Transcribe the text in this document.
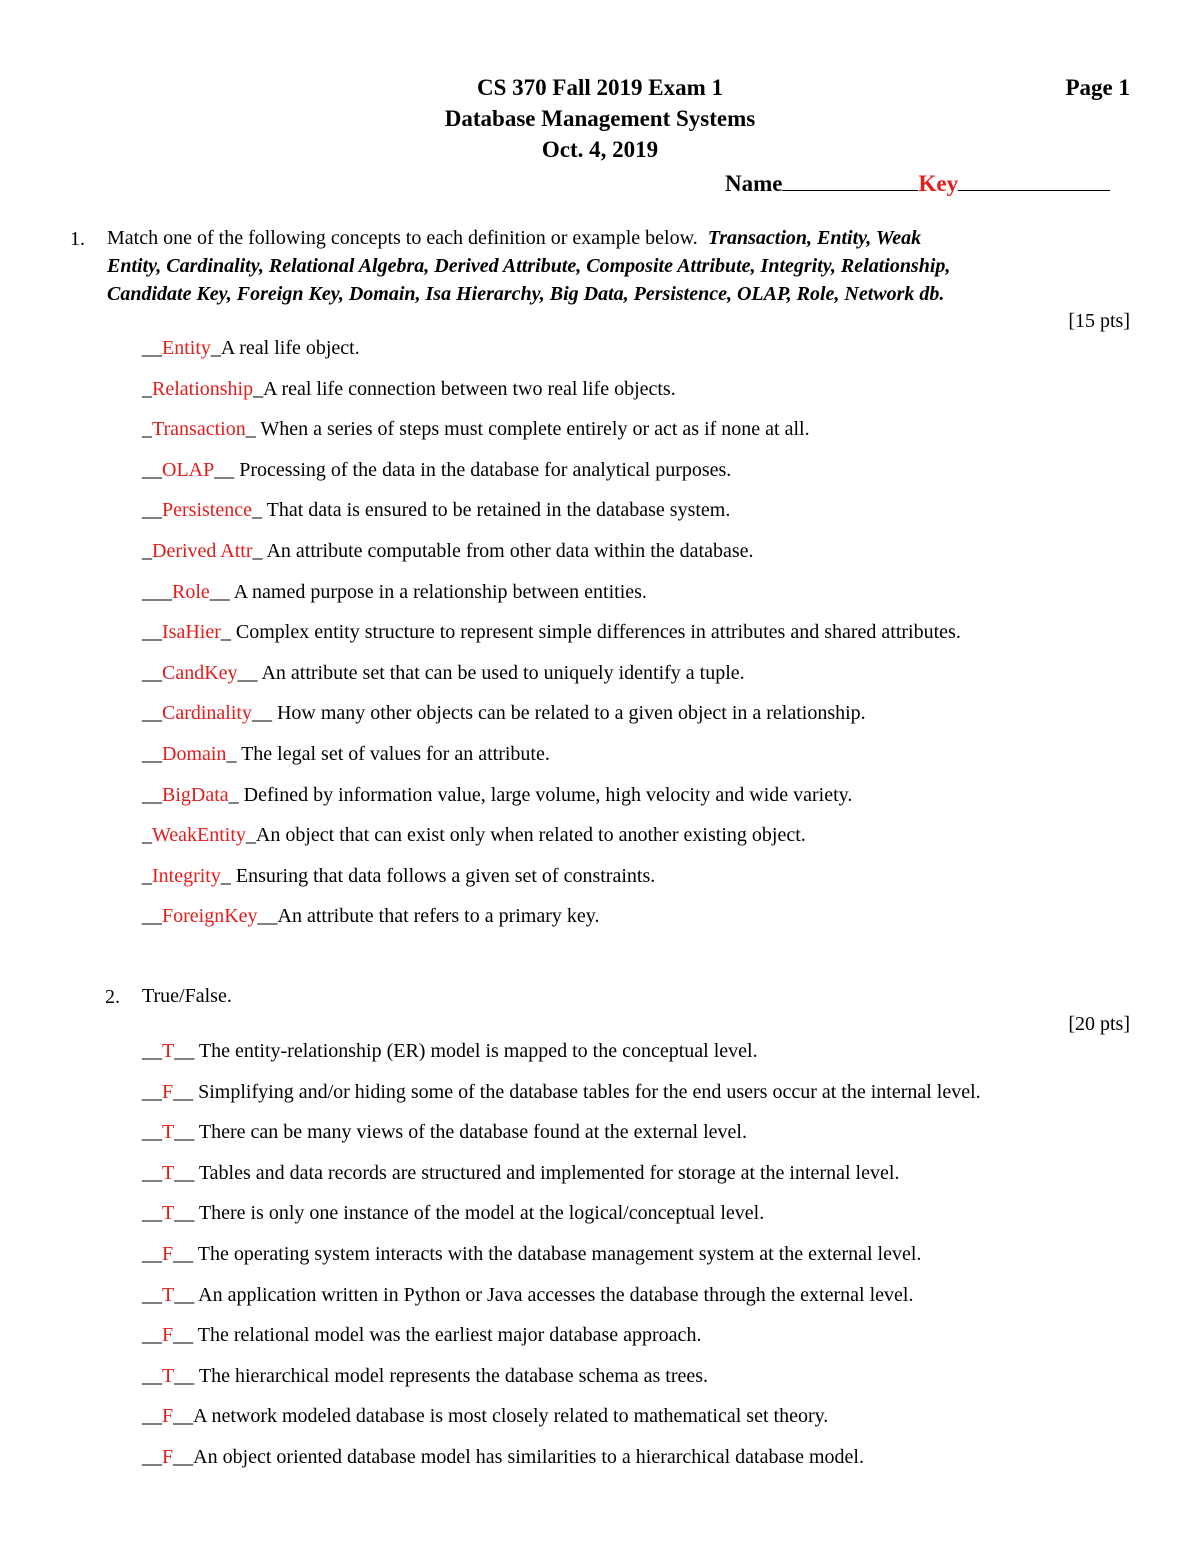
CS 370 Fall 2019 Exam 1
Database Management Systems
Oct. 4, 2019
Page 1
Name	Key
1. Match one of the following concepts to each definition or example below. Transaction, Entity, Weak
Entity, Cardinality, Relational Algebra, Derived Attribute, Composite Attribute, Integrity, Relationship,
Candidate Key, Foreign Key, Domain, Isa Hierarchy, Big Data, Persistence, OLAP, Role, Network db.
[15 pts]
__Entity_A real life object.
_Relationship_A real life connection between two real life objects.
_Transaction_ When a series of steps must complete entirely or act as if none at all.
__OLAP__ Processing of the data in the database for analytical purposes.
__Persistence_ That data is ensured to be retained in the database system.
_Derived Attr_ An attribute computable from other data within the database.
___Role__ A named purpose in a relationship between entities.
__IsaHier_ Complex entity structure to represent simple differences in attributes and shared attributes.
__CandKey__ An attribute set that can be used to uniquely identify a tuple.
__Cardinality__ How many other objects can be related to a given object in a relationship.
__Domain_ The legal set of values for an attribute.
__BigData_ Defined by information value, large volume, high velocity and wide variety.
_WeakEntity_An object that can exist only when related to another existing object.
_Integrity_ Ensuring that data follows a given set of constraints.
__ForeignKey__An attribute that refers to a primary key.
2. True/False.
[20 pts]
__T__ The entity-relationship (ER) model is mapped to the conceptual level.
__F__ Simplifying and/or hiding some of the database tables for the end users occur at the internal level.
__T__ There can be many views of the database found at the external level.
__T__ Tables and data records are structured and implemented for storage at the internal level.
__T__ There is only one instance of the model at the logical/conceptual level.
__F__ The operating system interacts with the database management system at the external level.
__T__ An application written in Python or Java accesses the database through the external level.
__F__ The relational model was the earliest major database approach.
__T__ The hierarchical model represents the database schema as trees.
__F__A network modeled database is most closely related to mathematical set theory.
__F__An object oriented database model has similarities to a hierarchical database model.
